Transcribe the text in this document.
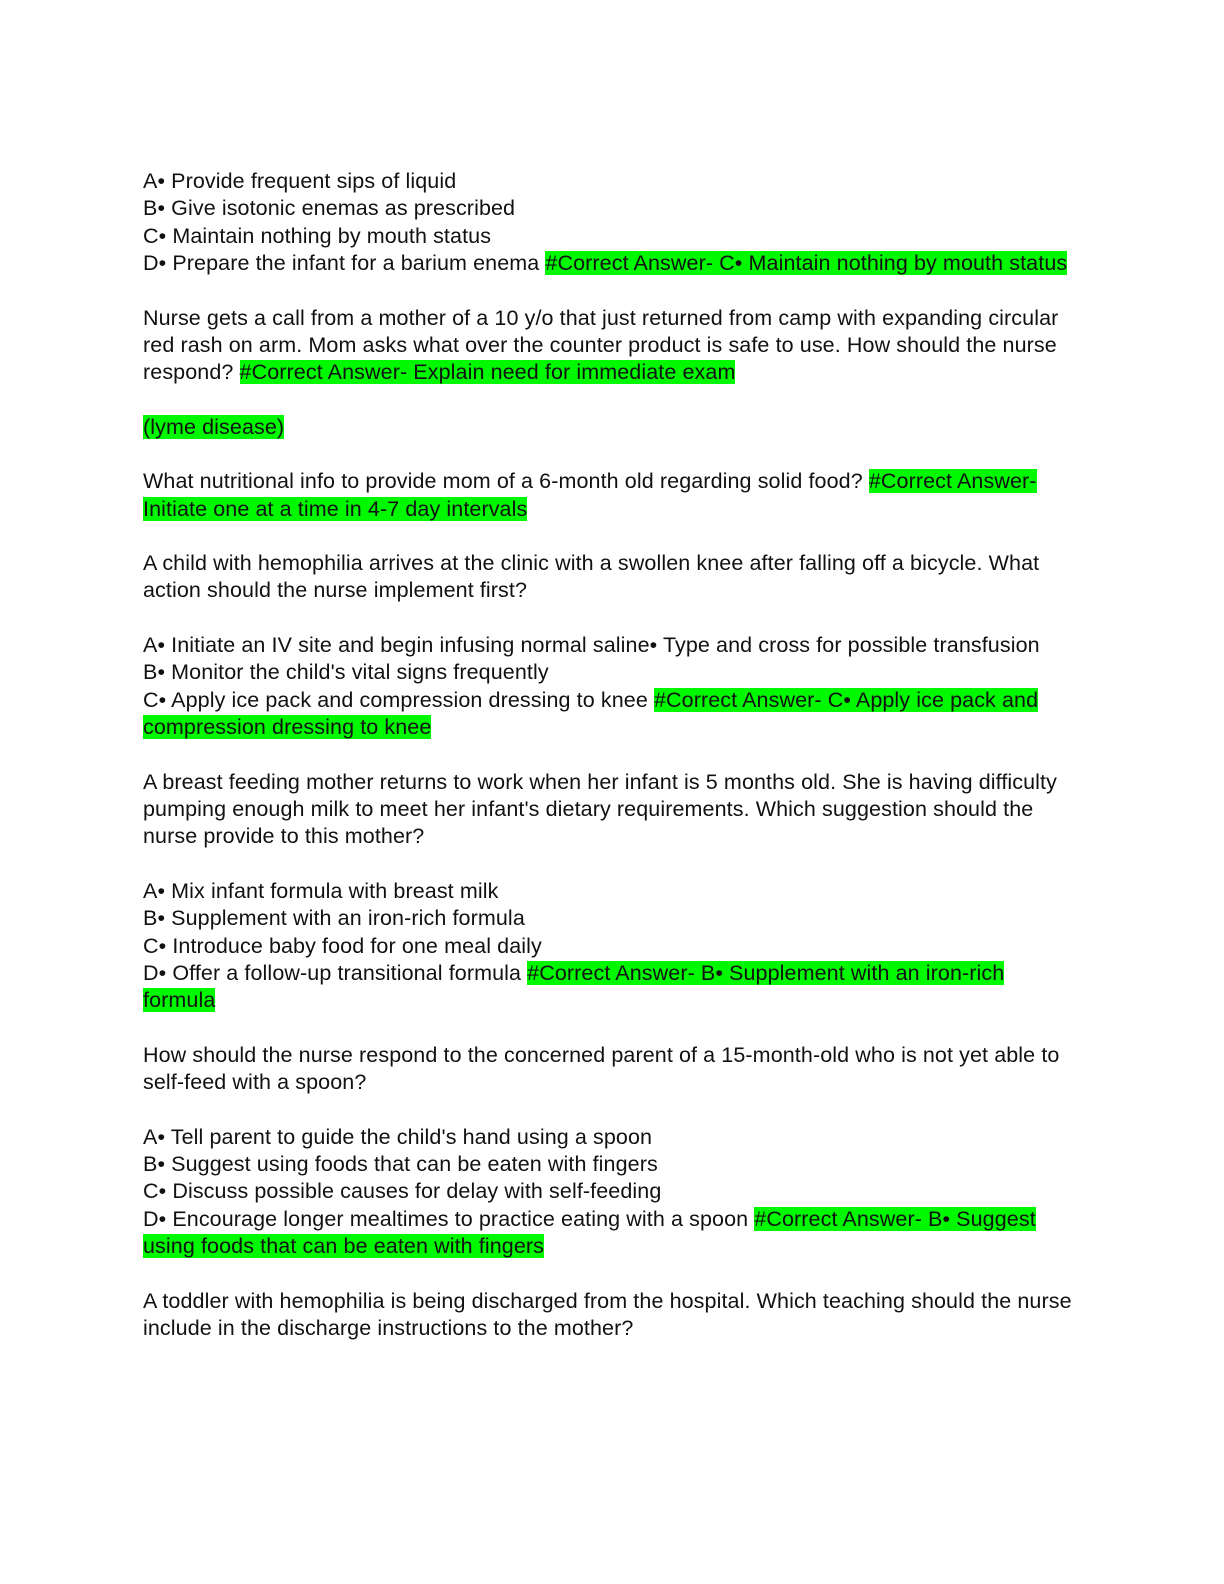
A• Provide frequent sips of liquid

B• Give isotonic enemas as prescribed

C• Maintain nothing by mouth status

D• Prepare the infant for a barium enema #Correct Answer- C• Maintain nothing by mouth status

Nurse gets a call from a mother of a 10 y/o that just returned from camp with expanding circular red rash on arm. Mom asks what over the counter product is safe to use. How should the nurse respond? #Correct Answer- Explain need for immediate exam

(lyme disease)

What nutritional info to provide mom of a 6-month old regarding solid food? #Correct Answer- Initiate one at a time in 4-7 day intervals

A child with hemophilia arrives at the clinic with a swollen knee after falling off a bicycle. What action should the nurse implement first?

A• Initiate an IV site and begin infusing normal saline• Type and cross for possible transfusion

B• Monitor the child's vital signs frequently

C• Apply ice pack and compression dressing to knee #Correct Answer- C• Apply ice pack and compression dressing to knee

A breast feeding mother returns to work when her infant is 5 months old. She is having difficulty pumping enough milk to meet her infant's dietary requirements. Which suggestion should the nurse provide to this mother?

A• Mix infant formula with breast milk

B• Supplement with an iron-rich formula

C• Introduce baby food for one meal daily

D• Offer a follow-up transitional formula #Correct Answer- B• Supplement with an iron-rich formula

How should the nurse respond to the concerned parent of a 15-month-old who is not yet able to self-feed with a spoon?

A• Tell parent to guide the child's hand using a spoon

B• Suggest using foods that can be eaten with fingers

C• Discuss possible causes for delay with self-feeding

D• Encourage longer mealtimes to practice eating with a spoon #Correct Answer- B• Suggest using foods that can be eaten with fingers

A toddler with hemophilia is being discharged from the hospital. Which teaching should the nurse include in the discharge instructions to the mother?
